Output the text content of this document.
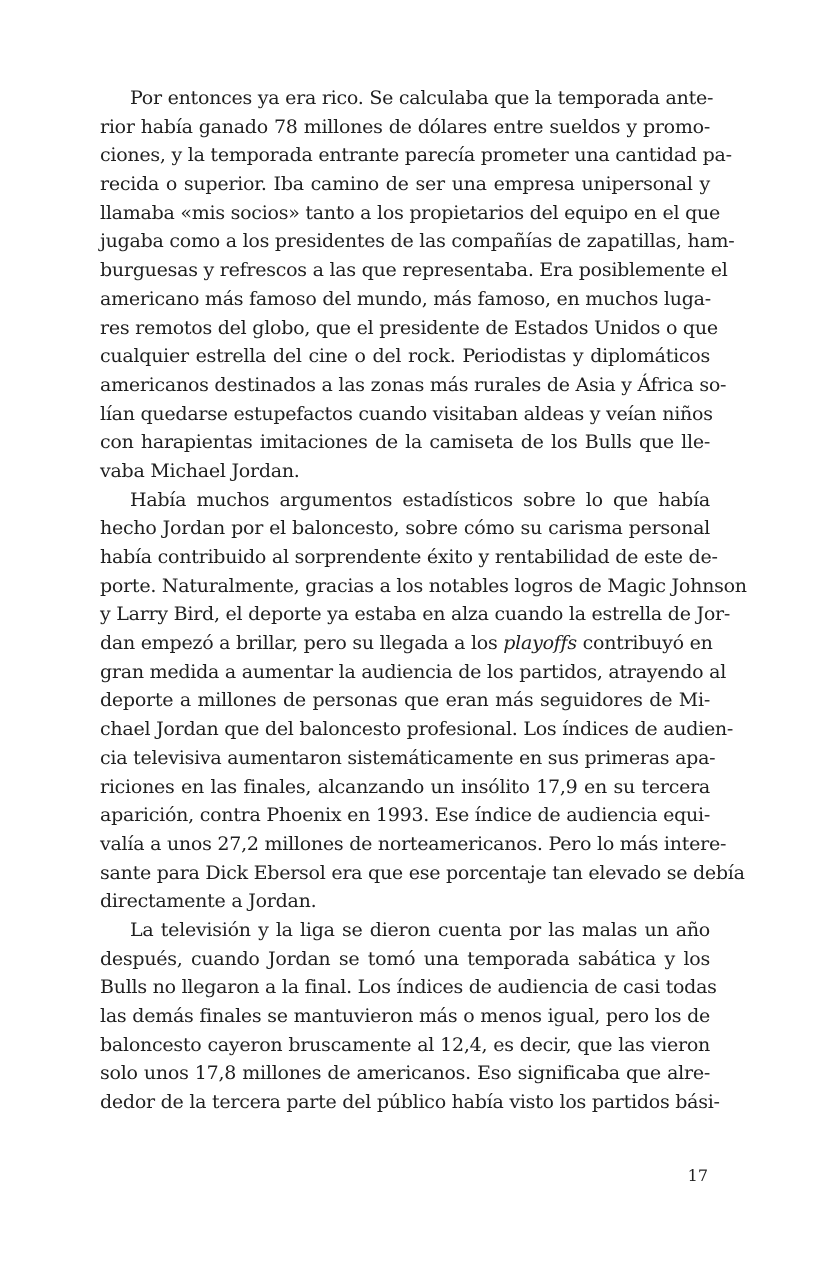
Por entonces ya era rico. Se calculaba que la temporada ante-
rior había ganado 78 millones de dólares entre sueldos y promo-
ciones, y la temporada entrante parecía prometer una cantidad pa-
recida o superior. Iba camino de ser una empresa unipersonal y
llamaba «mis socios» tanto a los propietarios del equipo en el que
jugaba como a los presidentes de las compañías de zapatillas, ham-
burguesas y refrescos a las que representaba. Era posiblemente el
americano más famoso del mundo, más famoso, en muchos luga-
res remotos del globo, que el presidente de Estados Unidos o que
cualquier estrella del cine o del rock. Periodistas y diplomáticos
americanos destinados a las zonas más rurales de Asia y África so-
lían quedarse estupefactos cuando visitaban aldeas y veían niños
con harapientas imitaciones de la camiseta de los Bulls que lle-
vaba Michael Jordan.
Había muchos argumentos estadísticos sobre lo que había
hecho Jordan por el baloncesto, sobre cómo su carisma personal
había contribuido al sorprendente éxito y rentabilidad de este de-
porte. Naturalmente, gracias a los notables logros de Magic Johnson
y Larry Bird, el deporte ya estaba en alza cuando la estrella de Jor-
dan empezó a brillar, pero su llegada a los playoffs contribuyó en
gran medida a aumentar la audiencia de los partidos, atrayendo al
deporte a millones de personas que eran más seguidores de Mi-
chael Jordan que del baloncesto profesional. Los índices de audien-
cia televisiva aumentaron sistemáticamente en sus primeras apa-
riciones en las finales, alcanzando un insólito 17,9 en su tercera
aparición, contra Phoenix en 1993. Ese índice de audiencia equi-
valía a unos 27,2 millones de norteamericanos. Pero lo más intere-
sante para Dick Ebersol era que ese porcentaje tan elevado se debía
directamente a Jordan.
La televisión y la liga se dieron cuenta por las malas un año
después, cuando Jordan se tomó una temporada sabática y los
Bulls no llegaron a la final. Los índices de audiencia de casi todas
las demás finales se mantuvieron más o menos igual, pero los de
baloncesto cayeron bruscamente al 12,4, es decir, que las vieron
solo unos 17,8 millones de americanos. Eso significaba que alre-
dedor de la tercera parte del público había visto los partidos bási-
17
